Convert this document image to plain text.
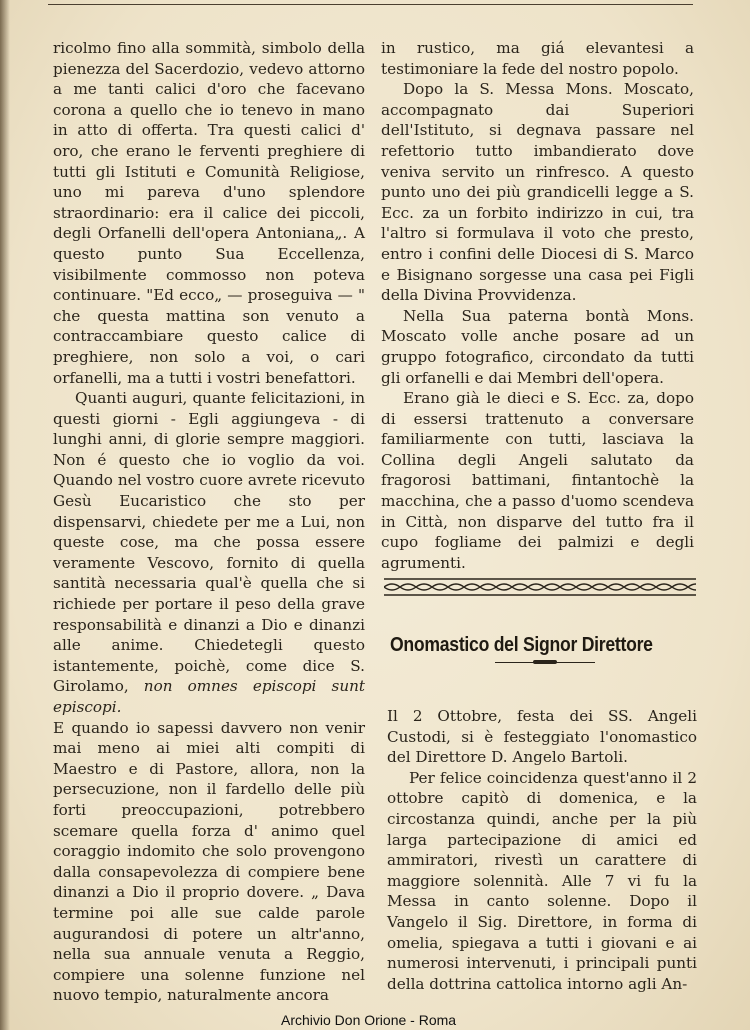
ricolmo fino alla sommità, simbolo della pienezza del Sacerdozio, vedevo attorno a me tanti calici d'oro che facevano corona a quello che io tenevo in mano in atto di offerta. Tra questi calici d' oro, che erano le ferventi preghiere di tutti gli Istituti e Comunità Religiose, uno mi pareva d'uno splendore straordinario: era il calice dei piccoli, degli Orfanelli dell'opera Antoniana„. A questo punto Sua Eccellenza, visibilmente commosso non poteva continuare. "Ed ecco„ — proseguiva — " che questa mattina son venuto a contraccambiare questo calice di preghiere, non solo a voi, o cari orfanelli, ma a tutti i vostri benefattori.

Quanti auguri, quante felicitazioni, in questi giorni - Egli aggiungeva - di lunghi anni, di glorie sempre maggiori. Non é questo che io voglio da voi. Quando nel vostro cuore avrete ricevuto Gesù Eucaristico che sto per dispensarvi, chiedete per me a Lui, non queste cose, ma che possa essere veramente Vescovo, fornito di quella santità necessaria qual'è quella che si richiede per portare il peso della grave responsabilità e dinanzi a Dio e dinanzi alle anime. Chiedetegli questo istantemente, poichè, come dice S. Girolamo, non omnes episcopi sunt episcopi.

E quando io sapessi davvero non venir mai meno ai miei alti compiti di Maestro e di Pastore, allora, non la persecuzione, non il fardello delle più forti preoccupazioni, potrebbero scemare quella forza d' animo quel coraggio indomito che solo provengono dalla consapevolezza di compiere bene dinanzi a Dio il proprio dovere. „ Dava termine poi alle sue calde parole augurandosi di potere un altr'anno, nella sua annuale venuta a Reggio, compiere una solenne funzione nel nuovo tempio, naturalmente ancora

in rustico, ma giá elevantesi a testimoniare la fede del nostro popolo.

Dopo la S. Messa Mons. Moscato, accompagnato dai Superiori dell'Istituto, si degnava passare nel refettorio tutto imbandierato dove veniva servito un rinfresco. A questo punto uno dei più grandicelli legge a S. Ecc. za un forbito indirizzo in cui, tra l'altro si formulava il voto che presto, entro i confini delle Diocesi di S. Marco e Bisignano sorgesse una casa pei Figli della Divina Provvidenza.

Nella Sua paterna bontà Mons. Moscato volle anche posare ad un gruppo fotografico, circondato da tutti gli orfanelli e dai Membri dell'opera.

Erano già le dieci e S. Ecc. za, dopo di essersi trattenuto a conversare familiarmente con tutti, lasciava la Collina degli Angeli salutato da fragorosi battimani, fintantochè la macchina, che a passo d'uomo scendeva in Città, non disparve del tutto fra il cupo fogliame dei palmizi e degli agrumenti.

Onomastico del Signor Direttore

Il 2 Ottobre, festa dei SS. Angeli Custodi, si è festeggiato l'onomastico del Direttore D. Angelo Bartoli.

Per felice coincidenza quest'anno il 2 ottobre capitò di domenica, e la circostanza quindi, anche per la più larga partecipazione di amici ed ammiratori, rivestì un carattere di maggiore solennità. Alle 7 vi fu la Messa in canto solenne. Dopo il Vangelo il Sig. Direttore, in forma di omelia, spiegava a tutti i giovani e ai numerosi intervenuti, i principali punti della dottrina cattolica intorno agli An-

Archivio Don Orione - Roma
